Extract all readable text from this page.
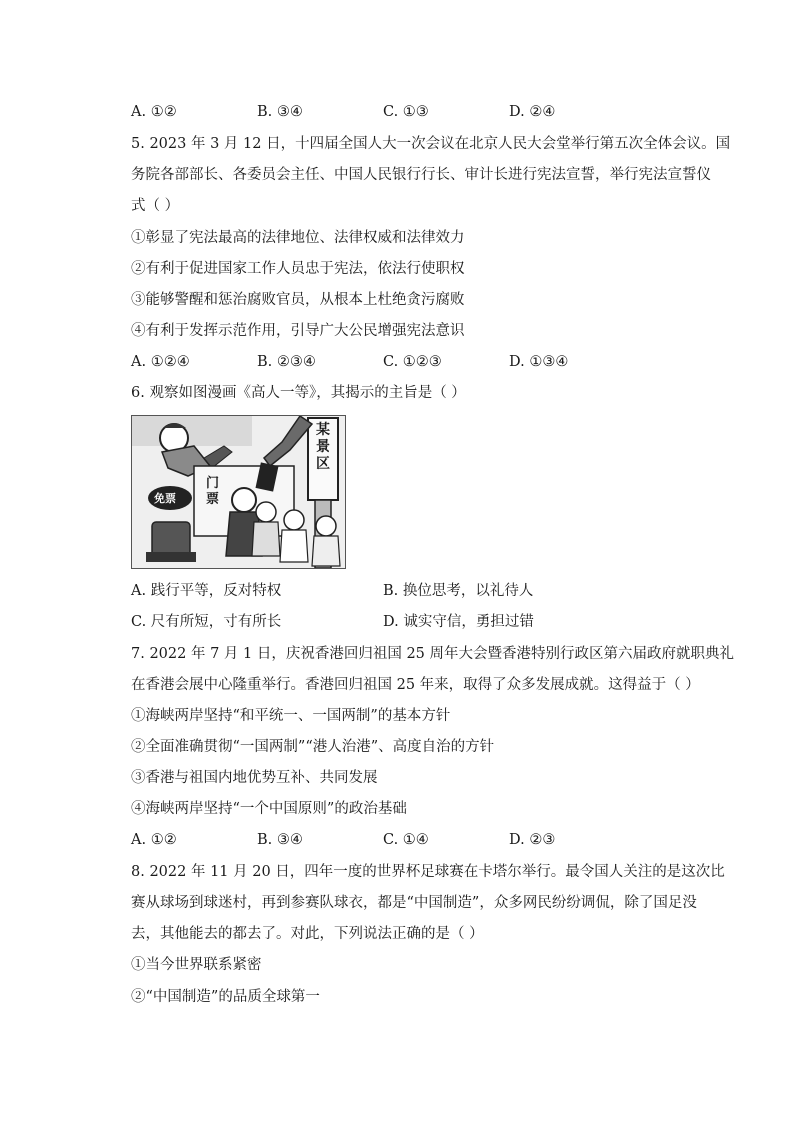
A. ①②	B. ③④	C. ①③	D. ②④
5. 2023 年 3 月 12 日，十四届全国人大一次会议在北京人民大会堂举行第五次全体会议。国
务院各部部长、各委员会主任、中国人民银行行长、审计长进行宪法宣誓，举行宪法宣誓仪
式（ ）
①彰显了宪法最高的法律地位、法律权威和法律效力
②有利于促进国家工作人员忠于宪法，依法行使职权
③能够警醒和惩治腐败官员，从根本上杜绝贪污腐败
④有利于发挥示范作用，引导广大公民增强宪法意识
A. ①②④	B. ②③④	C. ①②③	D. ①③④
6. 观察如图漫画《高人一等》，其揭示的主旨是（ ）
某景区
门票
免票
A. 践行平等，反对特权	B. 换位思考，以礼待人
C. 尺有所短，寸有所长	D. 诚实守信，勇担过错
7. 2022 年 7 月 1 日，庆祝香港回归祖国 25 周年大会暨香港特别行政区第六届政府就职典礼
在香港会展中心隆重举行。香港回归祖国 25 年来，取得了众多发展成就。这得益于（ ）
①海峡两岸坚持“和平统一、一国两制”的基本方针
②全面准确贯彻“一国两制”“港人治港”、高度自治的方针
③香港与祖国内地优势互补、共同发展
④海峡两岸坚持“一个中国原则”的政治基础
A. ①②	B. ③④	C. ①④	D. ②③
8. 2022 年 11 月 20 日，四年一度的世界杯足球赛在卡塔尔举行。最令国人关注的是这次比
赛从球场到球迷村，再到参赛队球衣，都是“中国制造”，众多网民纷纷调侃，除了国足没
去，其他能去的都去了。对此，下列说法正确的是（ ）
①当今世界联系紧密
②“中国制造”的品质全球第一
